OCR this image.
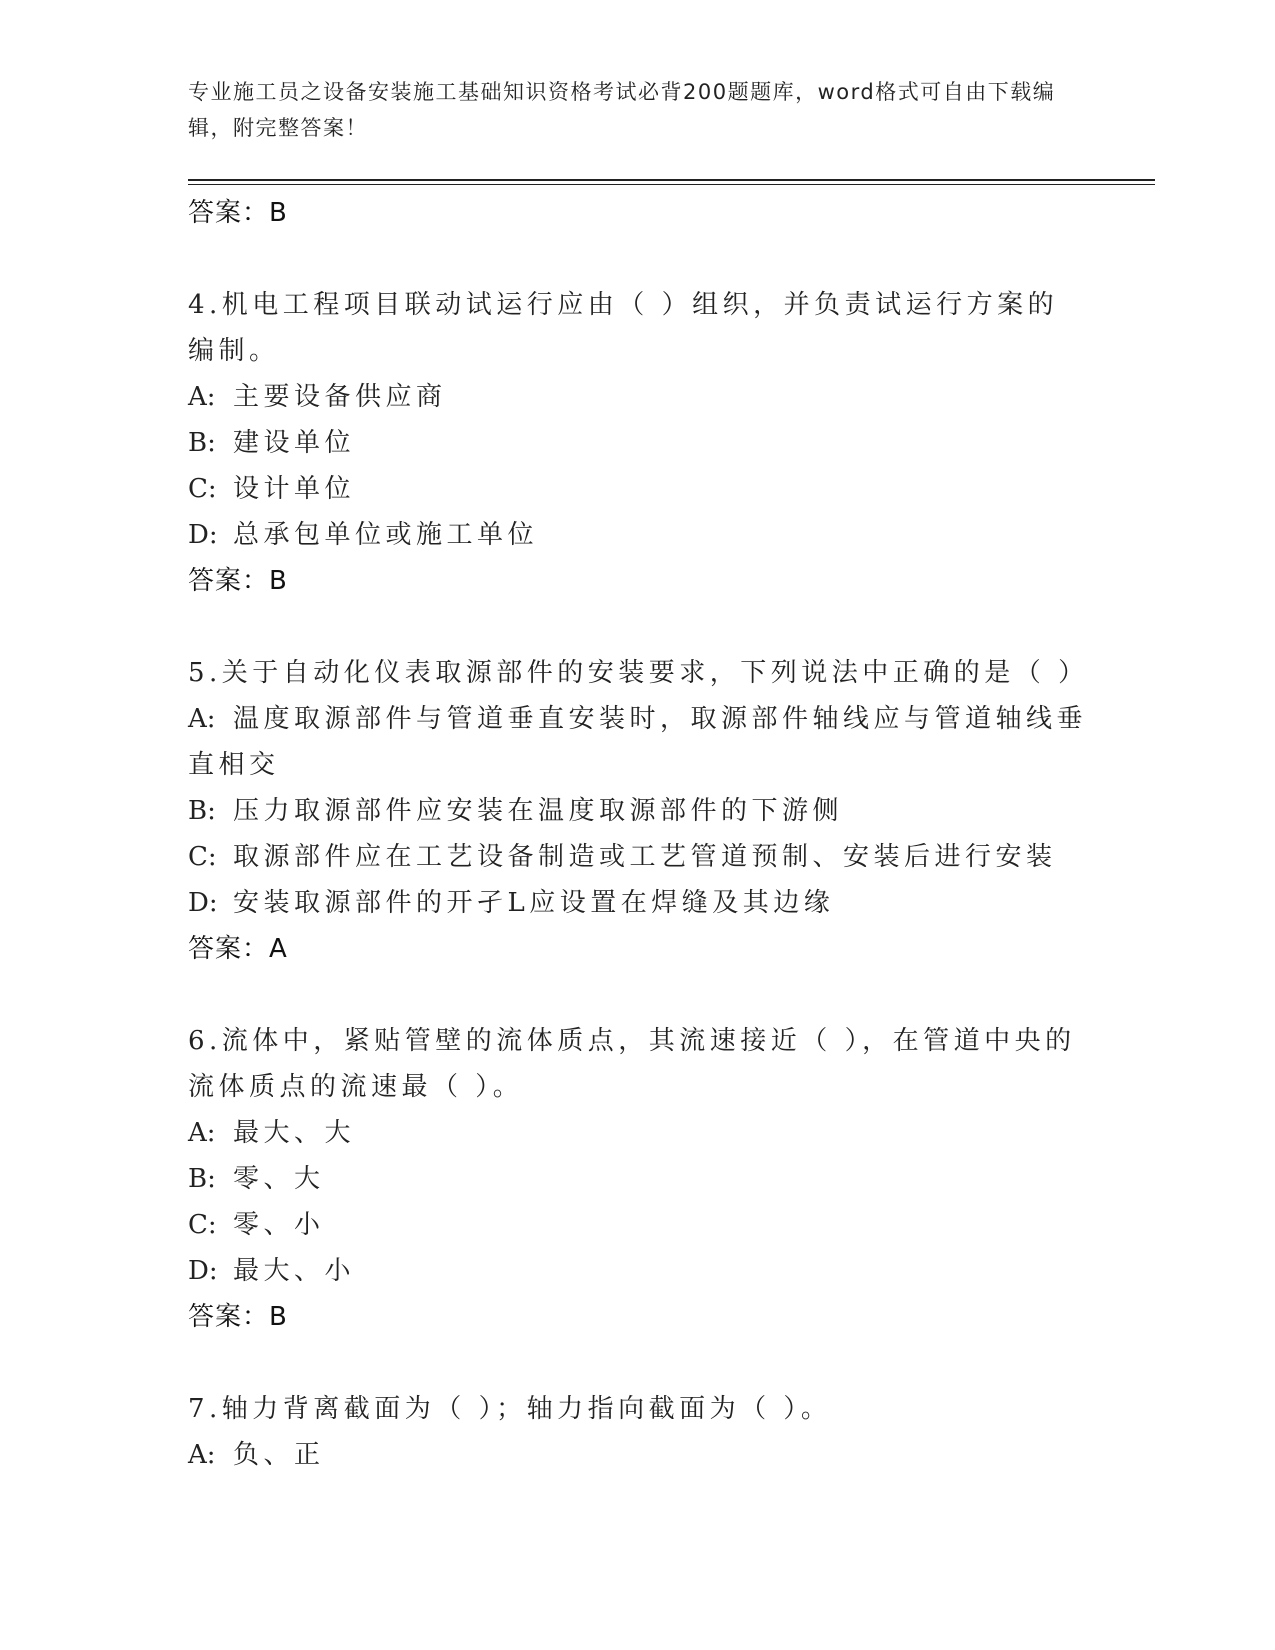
专业施工员之设备安装施工基础知识资格考试必背200题题库，word格式可自由下载编辑，附完整答案！
答案：B
4.机电工程项目联动试运行应由（ ）组织，并负责试运行方案的编制。
A: 主要设备供应商
B: 建设单位
C: 设计单位
D: 总承包单位或施工单位
答案：B
5.关于自动化仪表取源部件的安装要求，下列说法中正确的是（ ）
A: 温度取源部件与管道垂直安装时，取源部件轴线应与管道轴线垂直相交
B: 压力取源部件应安装在温度取源部件的下游侧
C: 取源部件应在工艺设备制造或工艺管道预制、安装后进行安装
D: 安装取源部件的开孑L应设置在焊缝及其边缘
答案：A
6.流体中，紧贴管壁的流体质点，其流速接近（ ），在管道中央的流体质点的流速最（ ）。
A: 最大、大
B: 零、大
C: 零、小
D: 最大、小
答案：B
7.轴力背离截面为（ ）；轴力指向截面为（ ）。
A: 负、正
